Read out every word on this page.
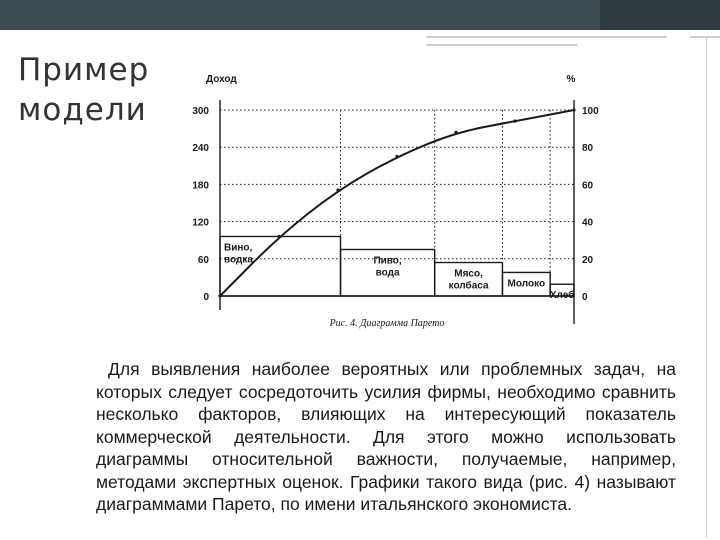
Пример
модели
Доход	%
300
240
180
120
60
0
100
80
60
40
20
0
Вино,
водка	Пиво,
вода	Мясо,
колбаса Молоко
Хлеб
Рис. 4. Диаграмма Парето

Для выявления наиболее вероятных или проблемных задач, на которых следует сосредоточить усилия фирмы, необходимо сравнить несколько факторов, влияющих на интересующий показатель коммерческой деятельности. Для этого можно использовать диаграммы относительной важности, получаемые, например, методами экспертных оценок. Графики такого вида (рис. 4) называют диаграммами Парето, по имени итальянского экономиста.
